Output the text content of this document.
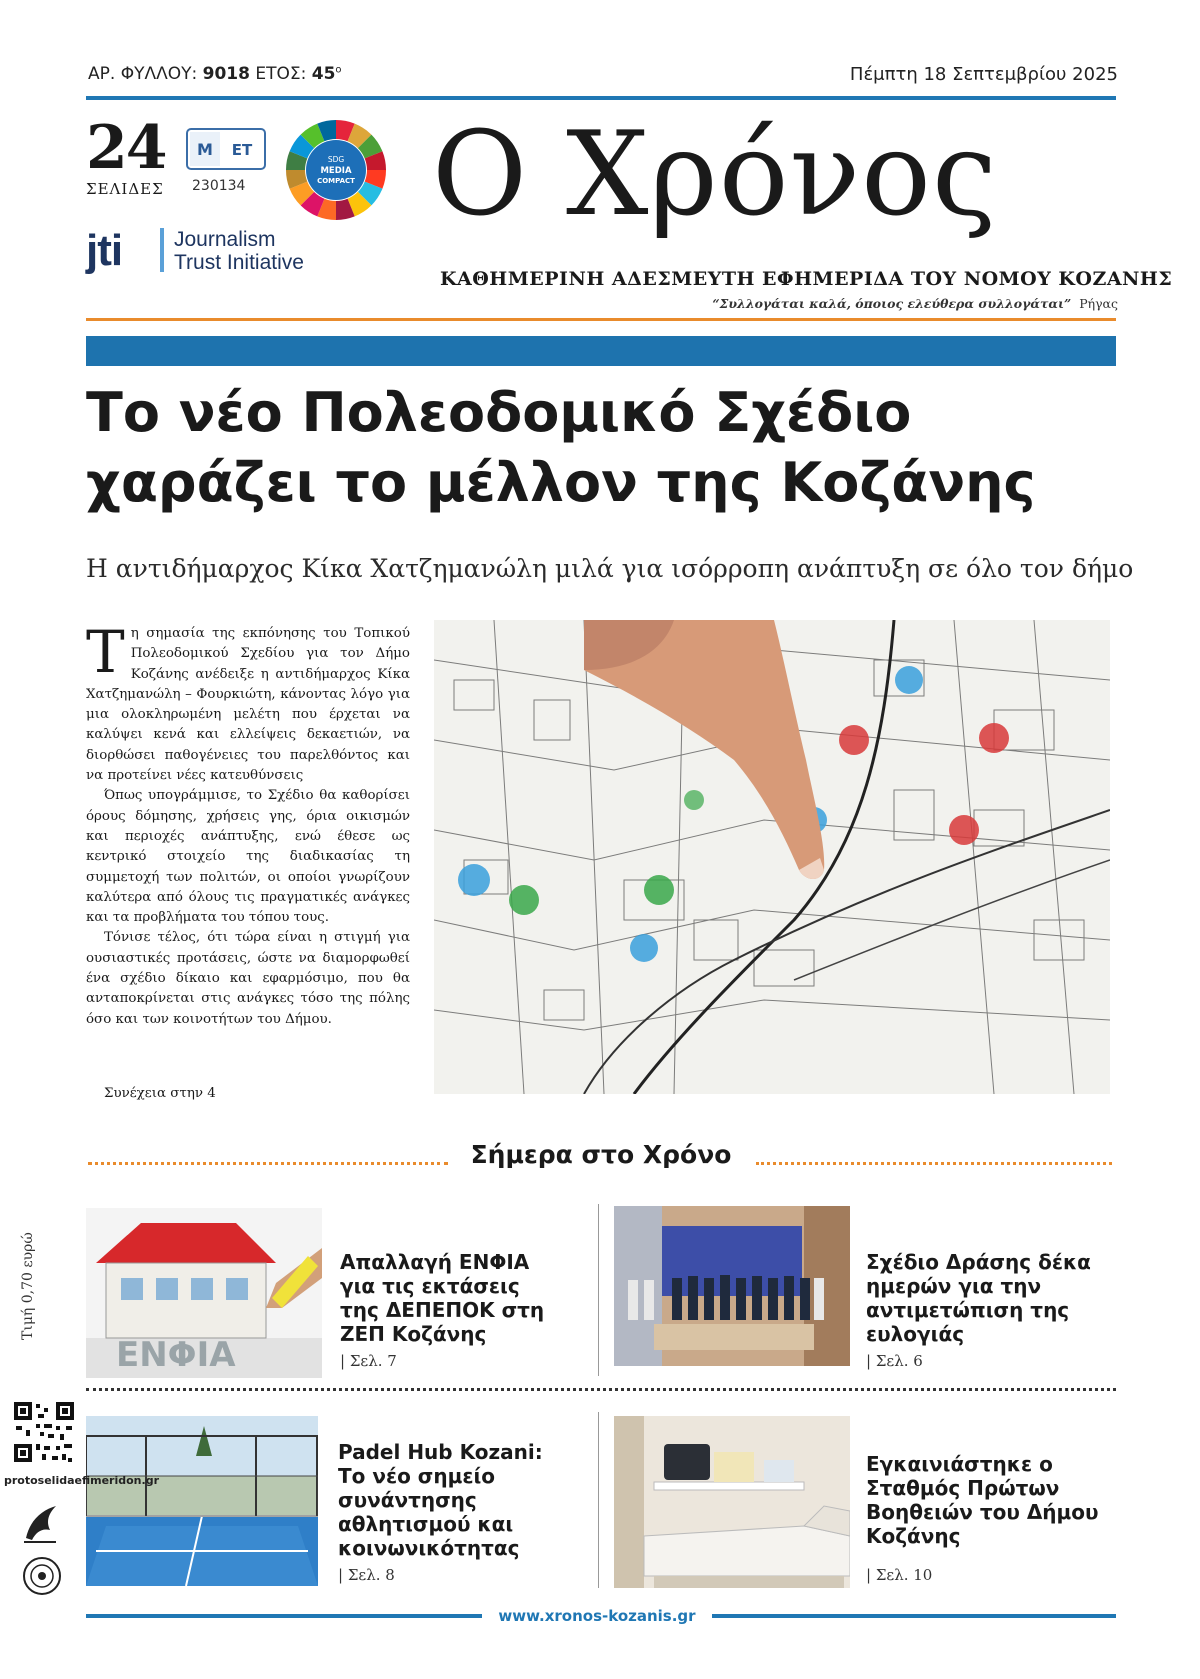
ΑΡ. ΦΥΛΛΟΥ: 9018 ΕΤΟΣ: $45^o$	Πέμπτη 18 Σεπτεμβρίου 2025
24
ΣΕΛΙΔΕΣ
Μ ΕΤ
230134
SDG
MEDIA
COMPACT
jti Journalism
Trust Initiative
Ο Χρόνος
ΚΑΘΗΜΕΡΙΝΗ ΑΔΕΣΜΕΥΤΗ ΕΦΗΜΕΡΙΔΑ ΤΟΥ ΝΟΜΟΥ ΚΟΖΑΝΗΣ
“Συλλογάται καλά, όποιος ελεύθερα συλλογάται” Ρήγας
Το νέο Πολεοδομικό Σχέδιο
χαράζει το μέλλον της Κοζάνης
Η αντιδήμαρχος Κίκα Χατζημανώλη μιλά για ισόρροπη ανάπτυξη σε όλο τον δήμο

Τη σημασία της εκπόνησης του Τοπικού Πολεοδομικού Σχεδίου για τον Δήμο Κοζάνης ανέδειξε η αντιδήμαρχος Κίκα Χατζημανώλη – Φουρκιώτη, κάνοντας λόγο για μια ολοκληρωμένη μελέτη που έρχεται να καλύψει κενά και ελλείψεις δεκαετιών, να διορθώσει παθογένειες του παρελθόντος και να προτείνει νέες κατευθύνσεις

Όπως υπογράμμισε, το Σχέδιο θα καθορίσει όρους δόμησης, χρήσεις γης, όρια οικισμών και περιοχές ανάπτυξης, ενώ έθεσε ως κεντρικό στοιχείο της διαδικασίας τη συμμετοχή των πολιτών, οι οποίοι γνωρίζουν καλύτερα από όλους τις πραγματικές ανάγκες και τα προβλήματα του τόπου τους.

Τόνισε τέλος, ότι τώρα είναι η στιγμή για ουσιαστικές προτάσεις, ώστε να διαμορφωθεί ένα σχέδιο δίκαιο και εφαρμόσιμο, που θα ανταποκρίνεται στις ανάγκες τόσο της πόλης όσο και των κοινοτήτων του Δήμου.

Συνέχεια στην 4
Σήμερα στο Χρόνο
ΕΝΦΙΑ
Απαλλαγή ΕΝΦΙΑ για τις εκτάσεις της ΔΕΠΕΠΟΚ στη ΖΕΠ Κοζάνης
| Σελ. 7
Σχέδιο Δράσης δέκα ημερών για την αντιμετώπιση της ευλογιάς
| Σελ. 6
Padel Hub Kozani: Το νέο σημείο συνάντησης αθλητισμού και κοινωνικότητας
| Σελ. 8
Εγκαινιάστηκε ο Σταθμός Πρώτων Βοηθειών του Δήμου Κοζάνης
| Σελ. 10
Τιμή 0,70 ευρώ
protoselidaefimeridon.gr
www.xronos-kozanis.gr
